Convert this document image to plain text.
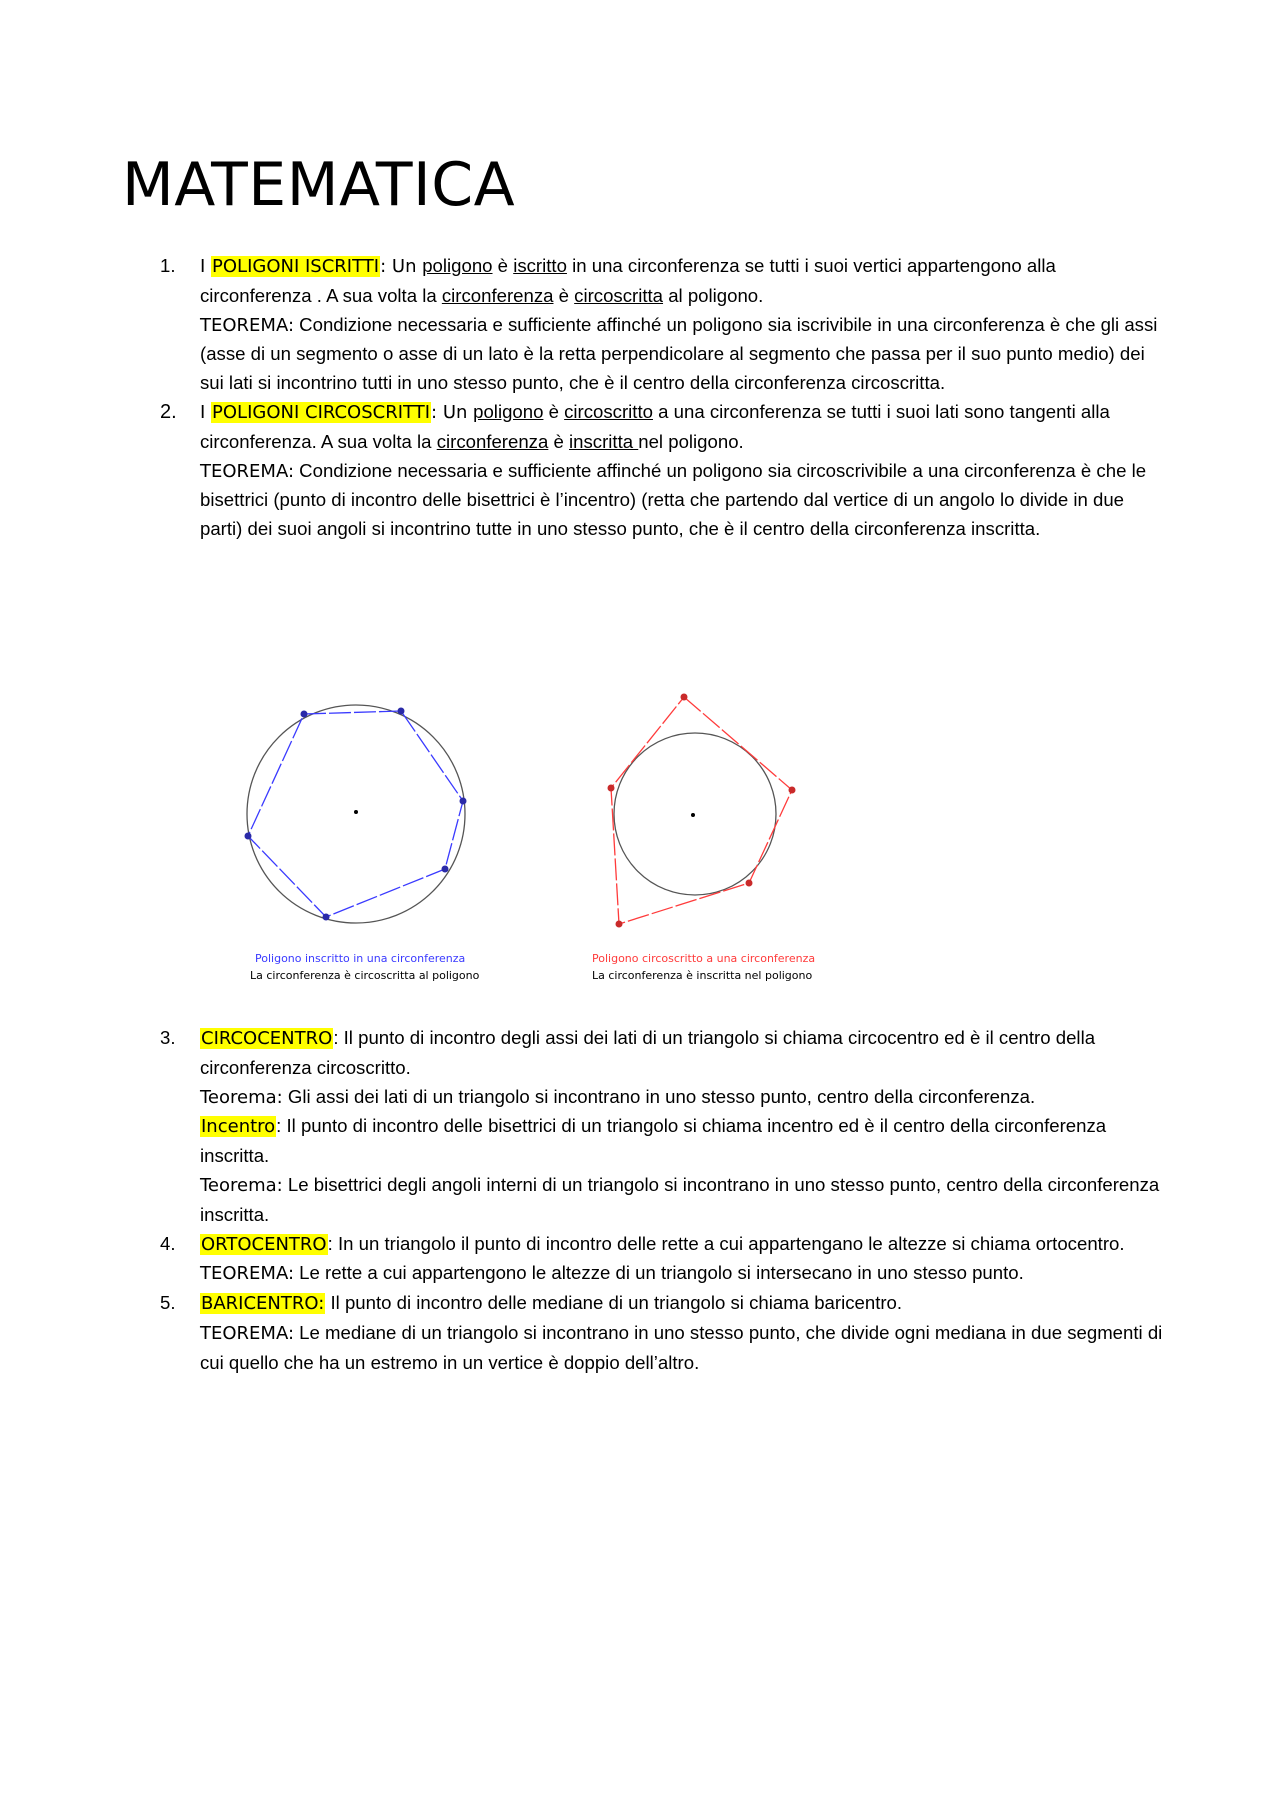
MATEMATICA
1. I POLIGONI ISCRITTI: Un poligono è iscritto in una circonferenza se tutti i suoi vertici appartengono alla circonferenza . A sua volta la circonferenza è circoscritta al poligono.
TEOREMA: Condizione necessaria e sufficiente affinché un poligono sia iscrivibile in una circonferenza è che gli assi (asse di un segmento o asse di un lato è la retta perpendicolare al segmento che passa per il suo punto medio) dei sui lati si incontrino tutti in uno stesso punto, che è il centro della circonferenza circoscritta.
2. I POLIGONI CIRCOSCRITTI: Un poligono è circoscritto a una circonferenza se tutti i suoi lati sono tangenti alla circonferenza. A sua volta la circonferenza è inscritta nel poligono.
TEOREMA: Condizione necessaria e sufficiente affinché un poligono sia circoscrivibile a una circonferenza è che le bisettrici (punto di incontro delle bisettrici è l’incentro) (retta che partendo dal vertice di un angolo lo divide in due parti) dei suoi angoli si incontrino tutte in uno stesso punto, che è il centro della circonferenza inscritta.
Poligono inscritto in una circonferenza
La circonferenza è circoscritta al poligono
Poligono circoscritto a una circonferenza
La circonferenza è inscritta nel poligono
3. CIRCOCENTRO: Il punto di incontro degli assi dei lati di un triangolo si chiama circocentro ed è il centro della circonferenza circoscritto.
Teorema: Gli assi dei lati di un triangolo si incontrano in uno stesso punto, centro della circonferenza.
Incentro: Il punto di incontro delle bisettrici di un triangolo si chiama incentro ed è il centro della circonferenza inscritta.
Teorema: Le bisettrici degli angoli interni di un triangolo si incontrano in uno stesso punto, centro della circonferenza inscritta.
4. ORTOCENTRO: In un triangolo il punto di incontro delle rette a cui appartengano le altezze si chiama ortocentro.
TEOREMA: Le rette a cui appartengono le altezze di un triangolo si intersecano in uno stesso punto.
5. BARICENTRO: Il punto di incontro delle mediane di un triangolo si chiama baricentro.
TEOREMA: Le mediane di un triangolo si incontrano in uno stesso punto, che divide ogni mediana in due segmenti di cui quello che ha un estremo in un vertice è doppio dell’altro.
